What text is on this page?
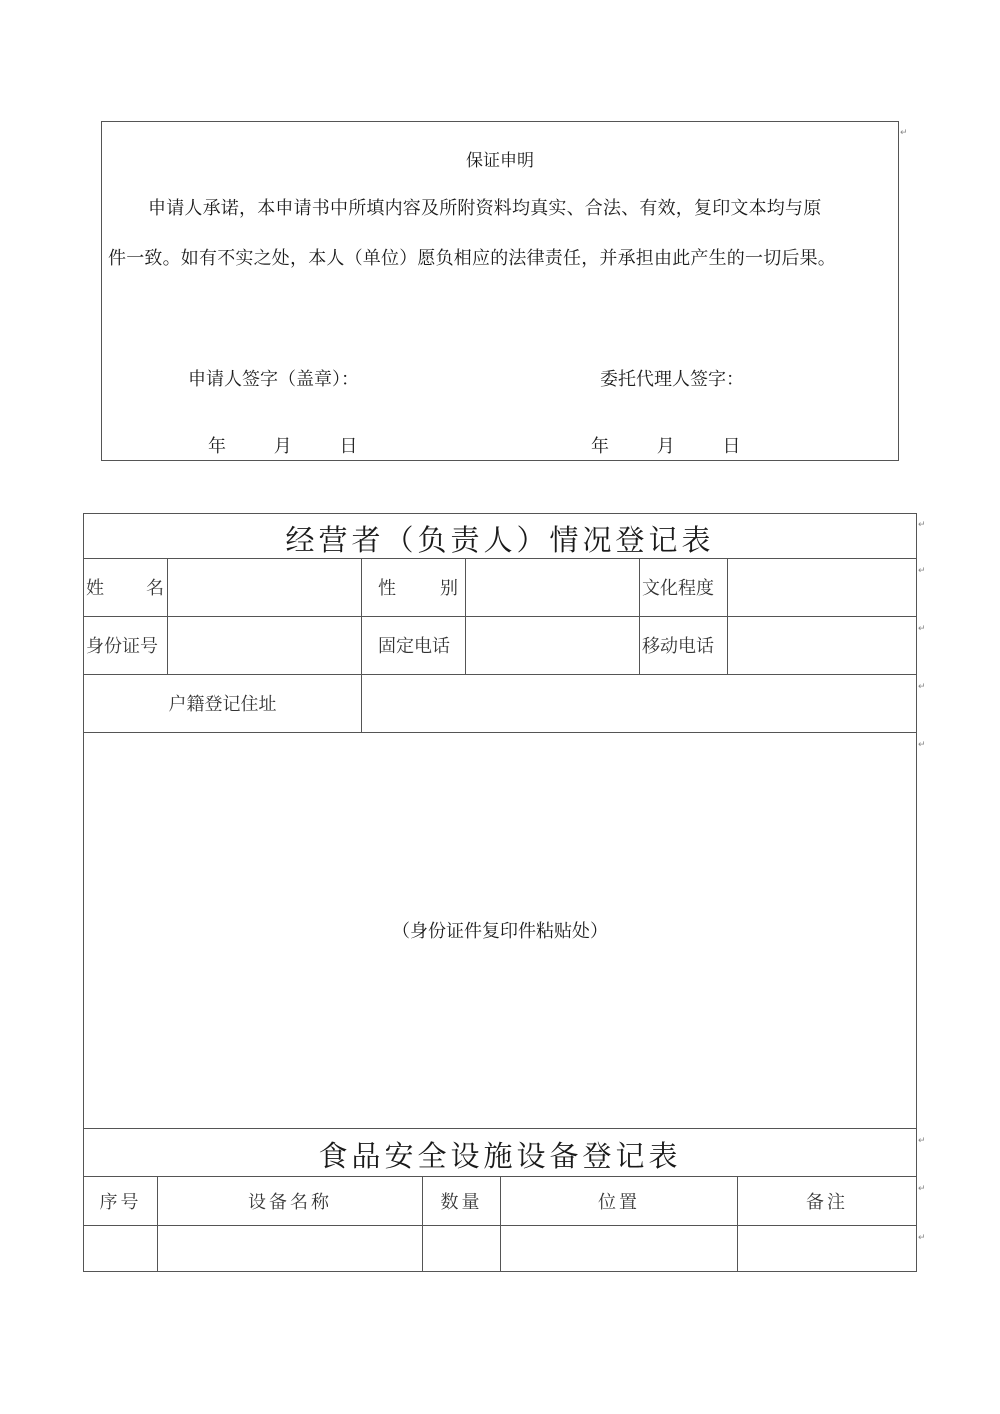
保证申明
申请人承诺，本申请书中所填内容及所附资料均真实、合法、有效，复印文本均与原
件一致。如有不实之处，本人（单位）愿负相应的法律责任，并承担由此产生的一切后果。
申请人签字（盖章）：	委托代理人签字：
年	月	日	年	月	日
↵
经营者（负责人）情况登记表
姓 名	性 别	文化程度
身份证号	固定电话	移动电话
户籍登记住址
（身份证件复印件粘贴处）
食品安全设施设备登记表
序号	设备名称	数量	位置	备注
↵
↵
↵
↵
↵
↵
↵
↵
